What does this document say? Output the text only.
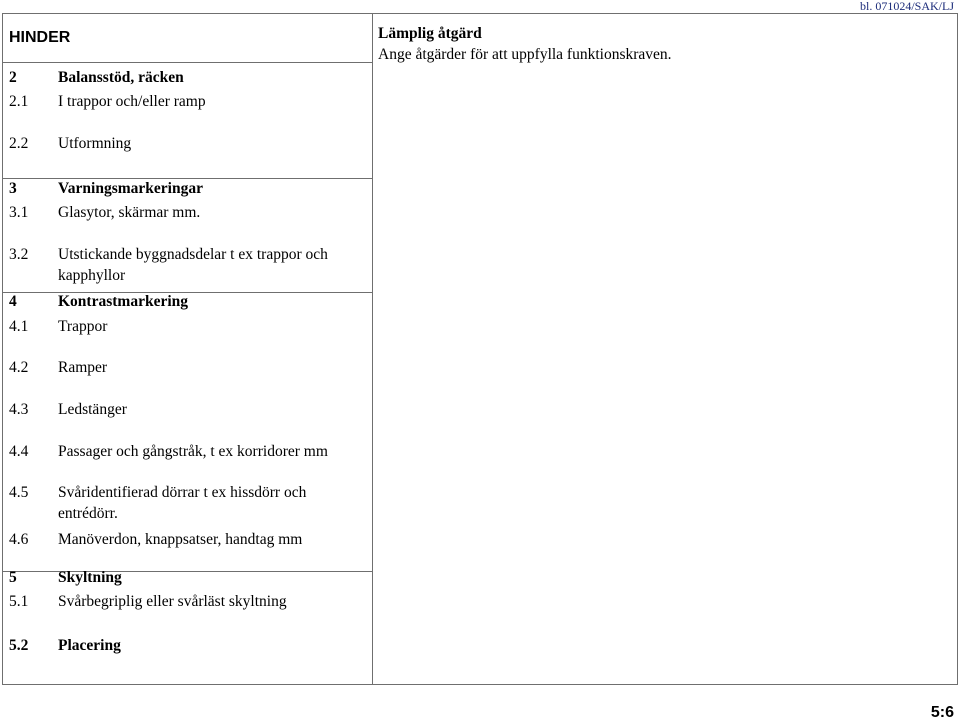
bl. 071024/SAK/LJ
HINDER	Lämplig åtgärd
Ange åtgärder för att uppfylla funktionskraven.
2	Balansstöd, räcken
2.1 I trappor och/eller ramp
2.2 Utformning
3	Varningsmarkeringar
3.1 Glasytor, skärmar mm.
3.2 Utstickande byggnadsdelar t ex trappor och kapphyllor
4	Kontrastmarkering
4.1 Trappor
4.2 Ramper
4.3 Ledstänger
4.4 Passager och gångstråk, t ex korridorer mm
4.5 Svåridentifierad dörrar t ex hissdörr och entrédörr.
4.6 Manöverdon, knappsatser, handtag mm
5	Skyltning
5.1 Svårbegriplig eller svårläst skyltning
5.2 Placering
5:6
